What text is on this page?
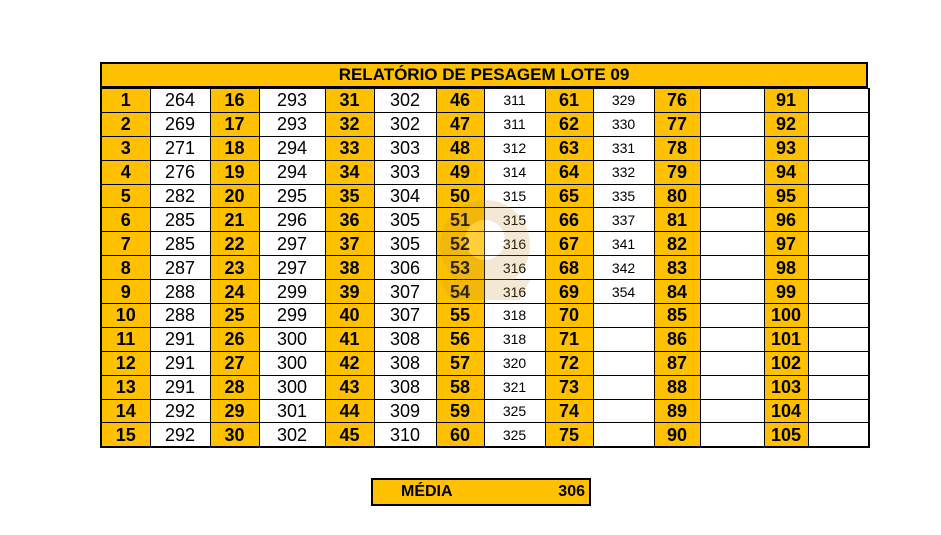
RELATÓRIO DE PESAGEM LOTE 09
1	264	16	293	31	302	46	311	61	329	76		91	
2	269	17	293	32	302	47	311	62	330	77		92	
3	271	18	294	33	303	48	312	63	331	78		93	
4	276	19	294	34	303	49	314	64	332	79		94	
5	282	20	295	35	304	50	315	65	335	80		95	
6	285	21	296	36	305	51	315	66	337	81		96	
7	285	22	297	37	305	52	316	67	341	82		97	
8	287	23	297	38	306	53	316	68	342	83		98	
9	288	24	299	39	307	54	316	69	354	84		99	
10	288	25	299	40	307	55	318	70		85		100	
11	291	26	300	41	308	56	318	71		86		101	
12	291	27	300	42	308	57	320	72		87		102	
13	291	28	300	43	308	58	321	73		88		103	
14	292	29	301	44	309	59	325	74		89		104	
15	292	30	302	45	310	60	325	75		90		105	
MÉDIA	306
